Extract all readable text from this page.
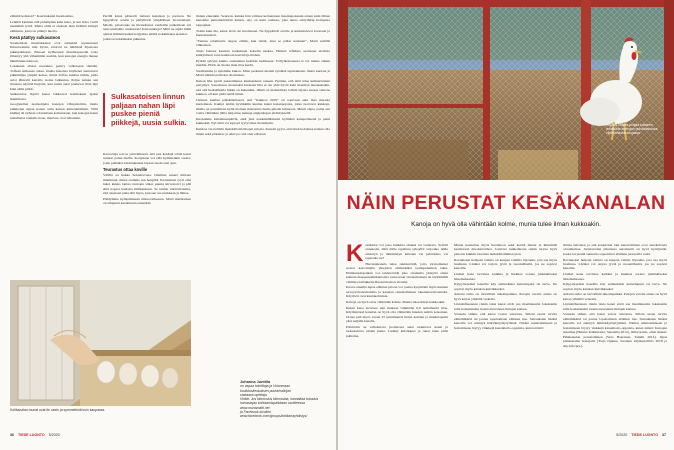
eläimiä kohtaan?” Kaarlenkaski huomauttaa.

Lehmät kiemien eilä pidempään kuin kana, ja sen hoito vaatii enemmän työtä. Mutta eltää ei olekaan ihan hölmöä kiintyä eläimeen, jonta on pitänyt huolta.

Kesä päättyy sulkasatoon

Suomalaiset maatiaiskanat ovat omnekisi sopeutuneet Ilmastoomme niin hyvin, ettoivät ne häiritkää ärjestosta pikkupakkasia. Ennoen kylmennsä munintapeosiin tosia ilmestyy yhä vähemmän usahtia, kun kanojen energia menee lämmönnuotantoon.

Lokakuun alussa nuorekko petirry valkoiseen räntään. Toffeen sulkasato alkaa. Osalla kanoista höyhenet suututuvat pikkuhiljaa ympäri kehoa, mutta Toffee kuuluu niihin, joilta sulat lähtevät kerralla isoina laikkuina. Paljas naluka sen rinnassa näyttää hurjalta, kun uudet sulat puskevat ihon läpi kuin siilin piikit.

Sulkasadon myötä kanat lakkaavat kaamoksen ajaksi munimasta.

Googletellen neuleohjeita kanojen villapaitoihin, mutta puikkojen sijaan kanan ostin kaisan kuitetuubiiksin. Villit kiulkuj ää tarhaan odottamaan kotiutusaan, kun kanojen kanat tuskeltuisa talakiin stone, mistä ne ovat tulleetkin.

Perillä kanat pääsevät tuttuun kanalaan ja parveen. Ne hyppäävät orrelle ja päilyilevät ympärilleen levottomasti. Mietin, palaavatko ne hierarkiassa vanhoille paikoilleen vai neuvottelisimo uudestaan? Kattotuubeja? Mitä ne lajikt mihä ajattaa ihmisiä kaaksi kaijjoitua pitäisi nokkimaksi ajokaisi.

joutuvat nokkimaksi pikkutus.

Sulkasatoisen linnun paljaan nahan läpi puskee pieniä piikkejä, uusia sulkia.

Kasvattaja toivoa ystävällisesti, että essi kenäsiä värää kanat tutturat paluu meille. Konykana voi elää kymmenkin vuotta, joten pelkäksi lohdutukseksi lupaan tuoda ensi ajan.

Teurastus ottaa koville

Välillä on kukko hoidettavana. Olemme saneet mittaan miettinnet, miten otamme sen hengiltä. Perinteinen tyyli olisi lukoi kukko laittaa ruulojen sitkas puusta kirvestoivi ja pää siitä nopeat kaulasta hiilikankaan. Se tuntuu väkivaltaiselta, että ansataan paha tätä myös, kun sen saa nurkkaan ja lähtee.

Päädymme kympämiseen mikrovaiheessa. Matti merikarkea on ampunut kanalinnun ennenkin.

linnun ennenkin. Seuraan, kuinka hän valitsee kettuantaan maantupoksuun ennen kuin lähtee kanalalle pienoiskiväärin kanssa. Ajo on kuin rouheaa, joka autua siirtymään hoitajasta tappajaksi.

Toisin kuin me, kanat eivät ole huolissaan. Ne hyppäävät orrelle ja kurkistelevat koottaan ja huolestuneisti.

“Tunnas eriamuutta tappaa elääin, kun tietää, ettei se pääse karkuun”, Matti selittää vihkaisten.

Siteti laatuna kaulaan katkaiseen kokeilu naskaa. Hetken reflektia saattaaan elollista kiintyäilesti voisi kaahioon kasvattaja mahan.

Pyrkää syttyisi kukko ouustamuu keittään tuolikseen. Yöllylkokoneesa si voi tunnie oikein meidän. Elääs on monta muu tilaa kerää.

Suolitamme ja nylemme kukon. Maut perknaat mennä syödäsä sapluokkaan, mutta kuolaat ja Matti säästää perhoion siiomuissa.

Kukon liha pyörii pakastimessa kuukaudesta toiseen. Epäilen, että siitä tulee kulinaristinen pettymys. Sanomeasa montaaksi kuonaan liha ei ole yhtä hyvät kuin maatilan maataukokin, että sitä herkullisella hikkä on kuitenkin. Jälkiä on mahdollista loihtia uljasta suussa sulavaa kukkoa, eli kun pitää tietää miten.

Uutinen kuuluu pääsääntöisesti, että “Kukkoa 2019” on sopivaan aika maa marssia kuolemaan. Kumpi teidän hyväkkäin kuuluu kaksi kananpojanta, jotka tuottavat kukkoja, lihalla on paremmata kyllä moinen mausteina luulla pihalle kiinnosta. Munii ohjaa, paitsi sen voitta välttääkin jäilla lahjoittaa makuja siipijalkojen yhdistyksellä.

Kuolemme kahdeksanpäivät, eikä yksi nokkamiäläisesti kylmänä kanaperheenä ja pieni kukkokin. Nyt niitä voi kypsyä tyytyväiset molempiin.

Kukkoa vie tieltään mahdollisiin lihojen tulosta. Kunoni pyysi, että tässä kohdassa haluan olla miehi sekä pitkinen, ja siksi jos sitä olen elävissä.

Kotikanalan munat ovat ite usein ja symmetrisiä kuin kaupassa.
Johanna Junttila
on vapaa toimittaja ja Voionmaan
koulutuskeskuksen puutarhalinjan
vastaava opettaja.
Vinkki: Jos kiinnostus kiinnostaa, kannattaa tutustua harrastajan kohtaamispaikkaan osoitteessa www.munamatti.net
ja Facebook-sivuihin www.facebook.com/groups/kotikanayhdistys/
36 TIEDE LUONTO 5/2020
Vapaus kaivaa pohjaa kuisteen tehtävälle auringon puhdistanussa vilpittömässä suojassa.
NÄIN PERUSTAT KESÄKANALAN
Kanoja on hyvä olla vähintään kolme, munia tulee ilman kukkoakin.

Kesäkanat voi joko hankkia omaksi tai vuokrata. Selvitä ennakoita, mitä niille tapahtuu syksyllä: tarjoatko niille eristetyn ja lämmitetyn kanalan vai palauttako vai tapetatko ne?

Harrastekanala tulee rekisteröidä, jotta viranomaiset saavat kasvattajiin yhteyden esimerkiksi tautiepidemian takia. Eläintenpitopaikan voi rekisteröidä joko ottamalla yhteyttä oman kunnan maaseutuelinkeinoista vastaavaan viranomaiseen tai täyttämällä valmiita lomakkeita Ruokaviraston sivuilla.

Kaava-alueilla lupaa eläinten pitoon voi joutua kysymään myös kunnan terveysviranomaisilta ja kanalan rakentamiseen rakennusvalvonnalta. Käytävät ovat kuntakohtaisia.

Kanoja on hyvä ottaa vähintään kolme. Munia tulee ilman kukkoakin.

Kukin kana tarvitsee tain mukaan vähintään 0,6 neliömetriä tilaa. Käytännössä kanalan on hyvä olla vähintään kuuden neliön kokoinen. Orttaa pitä myös varata 25 senttimetriä lintua kohden ja munintapesiä yksi neljälle kanalle.

Päivittäin on vaihdettava juomavesi sekä ruokittava kanat ja tarkastettava niiden kunto. Lisäksi kuivikkeet ja ruuat tulee pitää puhtaina.

Muuta kannattaa myös huomioon sekä kerätä munat ja kiinnittää kaamotaan muokattaviksi. Joustava kukkahuone onkin tarjota hyvä pakotus kukkin toteuttaa mahdollisimman pian.

Ravinnoksi hellpoin valinta on kaupan valmiia täysrehu, jota saa myös luomuna. Lisäksi voi tarjota jyviä ja ruoantähteitä, jos ne sopivat kanoille.

Lisäksi kana tarvitsee kalkkia ja hiekkaa sorana jauhinkiveksi lihasmahaansa.

Kylpytarpeiksi kanoille käy esimerkiksi kutterinpuru tai turve. Ne sopivat myös kanalan kuivikkeeksi.

Aidattu tarha on turvallisin ulkoilupaikka. Petojen varalta aitaus on hyvä kattaa ylhäältä verkolla.

Lintuinfluenssan riskin takia kanat eivät saa maaliskuulta lokakuulle tulla kosketuksiin luonnonvaraisten lintujen kanssa.

Varaudu siihen, että kanat voivat sairastua. Silloin saatat tarvita eläinlääkäriä tai joutua lopettamaan eläimen itse. Sairauksien lisäksi kanoilla voi esiintyä häiriökäyttäytymistä. Niiden tunnistamiseen ja hoitamiseen löytyy vinkkejä kananhoito-oppaista, kuten näistä:

mittaa tuhoisen ja sitä koskevien lain kanavalinnan ovat suositeltavia olosuhteissa. Juomaveden piketussa automaatti on hyvä hyödyntää, koska tai pieniä antureita sopeutuvat eläimen juotavalla vesiä.

Ravinnoksi helpoin valinta on kaupan valmis täysrehu, jota saa myös luomuna. Lisäksi voi tarjota jyviä ja ruoantähteitä, jos ne sopivat kanoille.

Lisäksi kana tarvitsee kalkkia ja hiekkaa sorana jauhinkiveksi lihasmahaansa.

Kylpytarpeiksi kanoille käy esimerkiksi kutterinpuru tai turve. Ne sopivat myös kanalan kuivikkeeksi.

Aidattu tarha on turvallisin ulkoilupaikka. Petojen varalta aitaus on hyvä kattaa ylhäältä verkolla.

Lintuinfluenssan riskin takia kanat eivät saa maaliskuulta lokakuulle tulla kosketuksiin luonnonvaraisten lintujen kanssa.

Varaudu siihen, että kanat voivat sairastua. Silloin saatat tarvita eläinlääkäriä tai joutua lopettamaan eläimen itse. Sairauksien lisäksi kanoilla voi esiintyä häiriökäyttäytymistä. Niiden tunnistamiseen ja hoitamiseen löytyy vinkkejä kananhoito-oppaista, kuten näistä: Kanojen maailma (Helena Telkänranta, Sanasilta 2012), Omat kanat, omat munat: Pihakanalan perustaminen (Vera Haaranen, Tammi 2014), Opas pienkanalan hoitajalle (Tarja Ojanne, Suomen siipikarjaliitto 2018 ja siip.info/pra.).

5/2020 TIEDE LUONTO 37
